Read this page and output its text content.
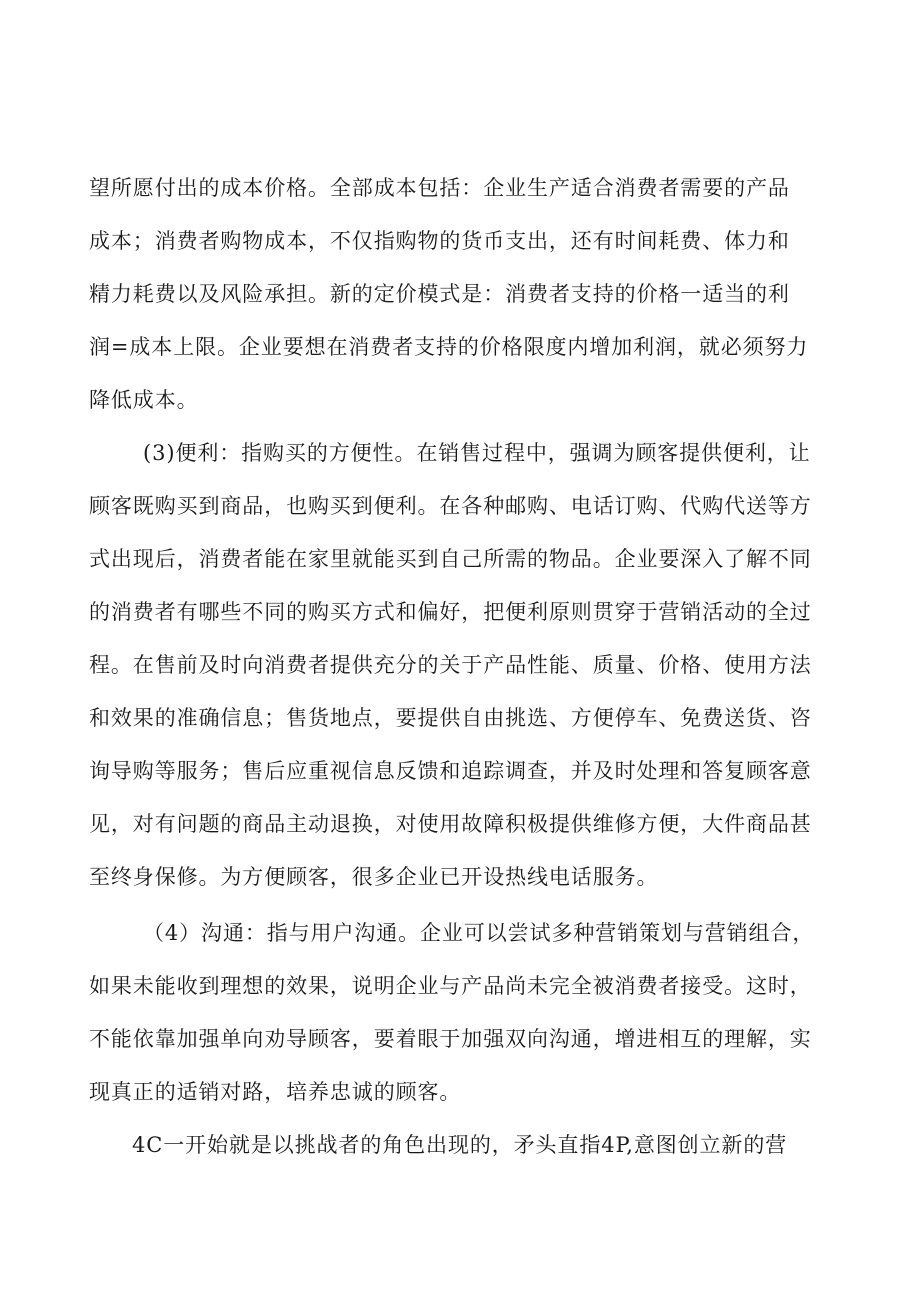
望所愿付出的成本价格。全部成本包括：企业生产适合消费者需要的产品
成本；消费者购物成本，不仅指购物的货币支出，还有时间耗费、体力和
精力耗费以及风险承担。新的定价模式是：消费者支持的价格一适当的利
润=成本上限。企业要想在消费者支持的价格限度内增加利润，就必须努力
降低成本。
(3)便利：指购买的方便性。在销售过程中，强调为顾客提供便利，让
顾客既购买到商品，也购买到便利。在各种邮购、电话订购、代购代送等方
式出现后，消费者能在家里就能买到自己所需的物品。企业要深入了解不同
的消费者有哪些不同的购买方式和偏好，把便利原则贯穿于营销活动的全过
程。在售前及时向消费者提供充分的关于产品性能、质量、价格、使用方法
和效果的准确信息；售货地点，要提供自由挑选、方便停车、免费送货、咨
询导购等服务；售后应重视信息反馈和追踪调查，并及时处理和答复顾客意
见，对有问题的商品主动退换，对使用故障积极提供维修方便，大件商品甚
至终身保修。为方便顾客，很多企业已开设热线电话服务。
（4）沟通：指与用户沟通。企业可以尝试多种营销策划与营销组合，
如果未能收到理想的效果，说明企业与产品尚未完全被消费者接受。这时，
不能依靠加强单向劝导顾客，要着眼于加强双向沟通，增进相互的理解，实
现真正的适销对路，培养忠诚的顾客。
4C一开始就是以挑战者的角色出现的，矛头直指4P,意图创立新的营
